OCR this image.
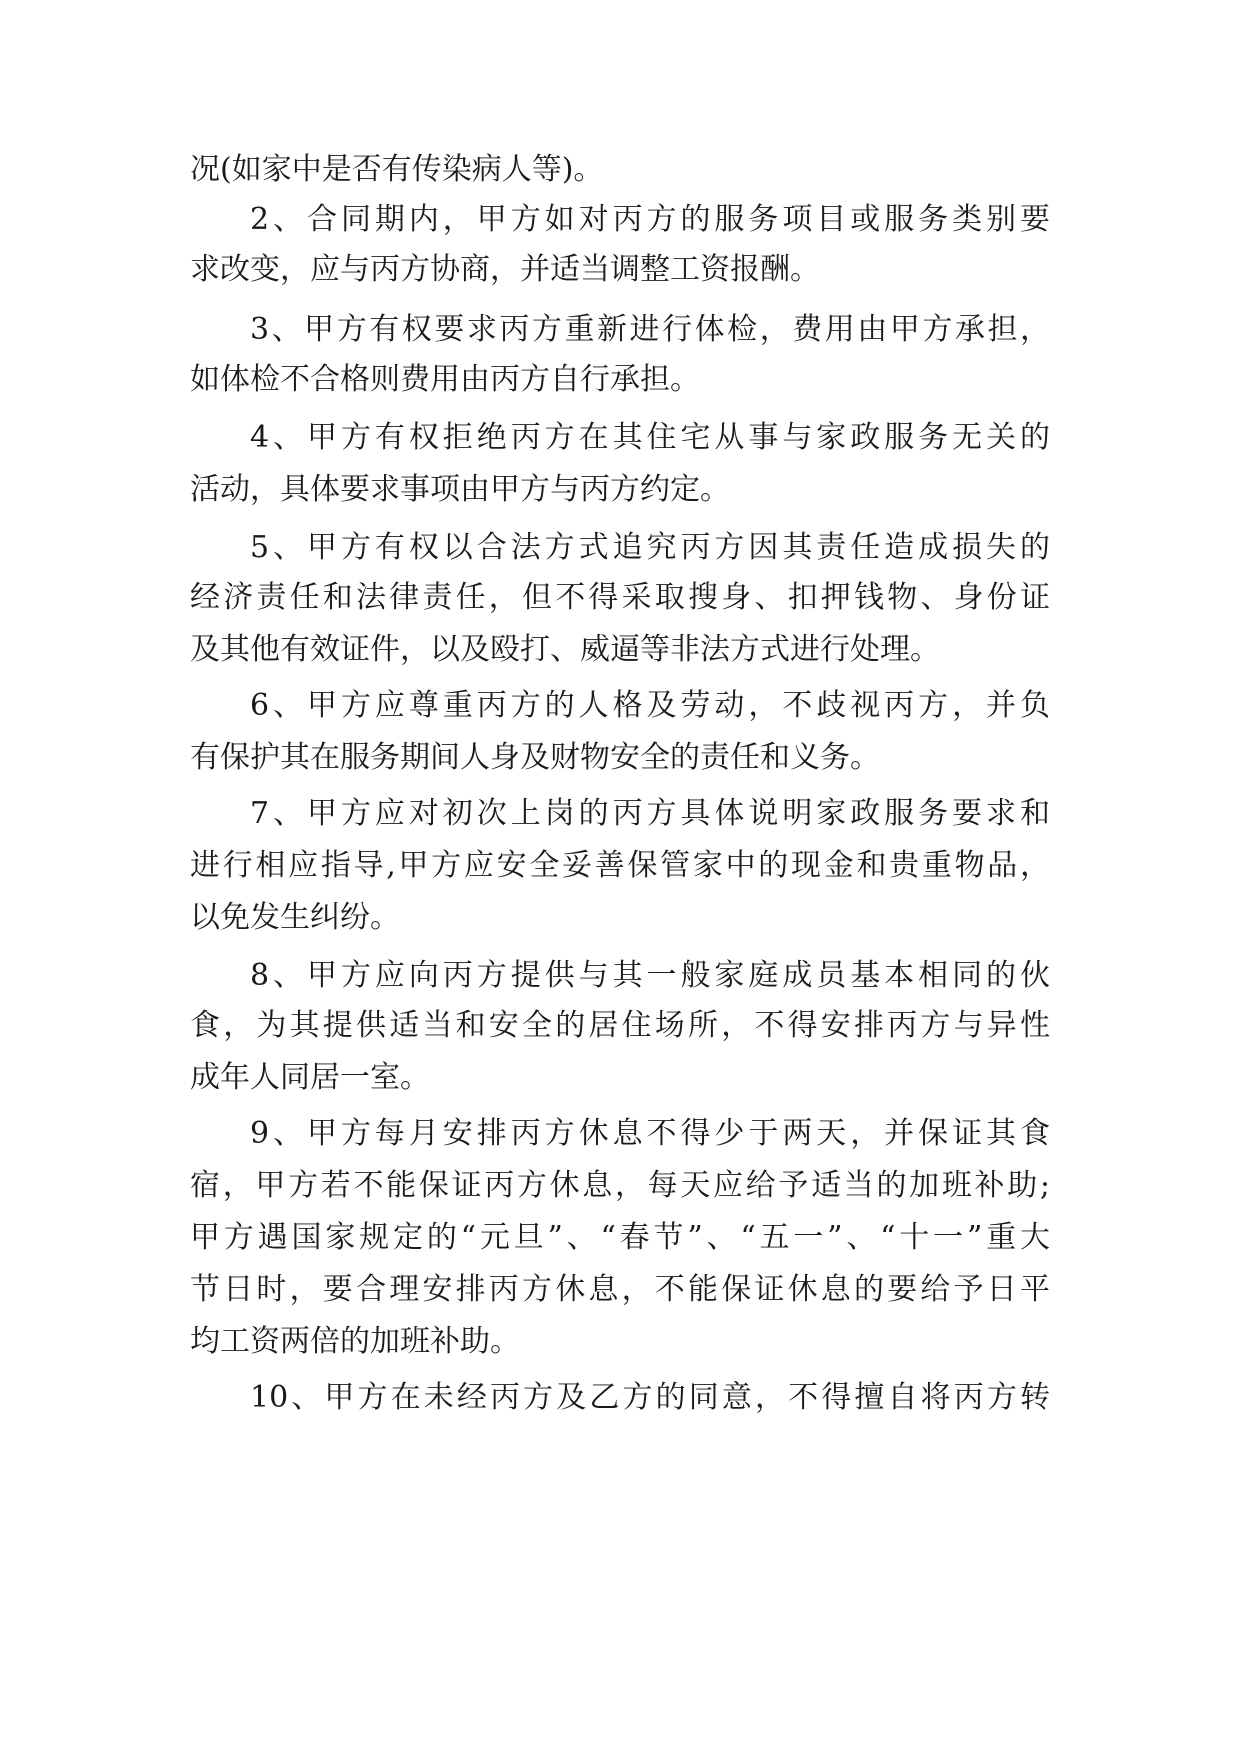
况(如家中是否有传染病人等)。
2、合同期内，甲方如对丙方的服务项目或服务类别要
求改变，应与丙方协商，并适当调整工资报酬。
3、甲方有权要求丙方重新进行体检，费用由甲方承担，
如体检不合格则费用由丙方自行承担。
4、甲方有权拒绝丙方在其住宅从事与家政服务无关的
活动，具体要求事项由甲方与丙方约定。
5、甲方有权以合法方式追究丙方因其责任造成损失的
经济责任和法律责任，但不得采取搜身、扣押钱物、身份证
及其他有效证件，以及殴打、威逼等非法方式进行处理。
6、甲方应尊重丙方的人格及劳动，不歧视丙方，并负
有保护其在服务期间人身及财物安全的责任和义务。
7、甲方应对初次上岗的丙方具体说明家政服务要求和
进行相应指导,甲方应安全妥善保管家中的现金和贵重物品，
以免发生纠纷。
8、甲方应向丙方提供与其一般家庭成员基本相同的伙
食，为其提供适当和安全的居住场所，不得安排丙方与异性
成年人同居一室。
9、甲方每月安排丙方休息不得少于两天，并保证其食
宿，甲方若不能保证丙方休息，每天应给予适当的加班补助;
甲方遇国家规定的“元旦”、“春节”、“五一”、“十一”重大
节日时，要合理安排丙方休息，不能保证休息的要给予日平
均工资两倍的加班补助。
10、甲方在未经丙方及乙方的同意，不得擅自将丙方转
